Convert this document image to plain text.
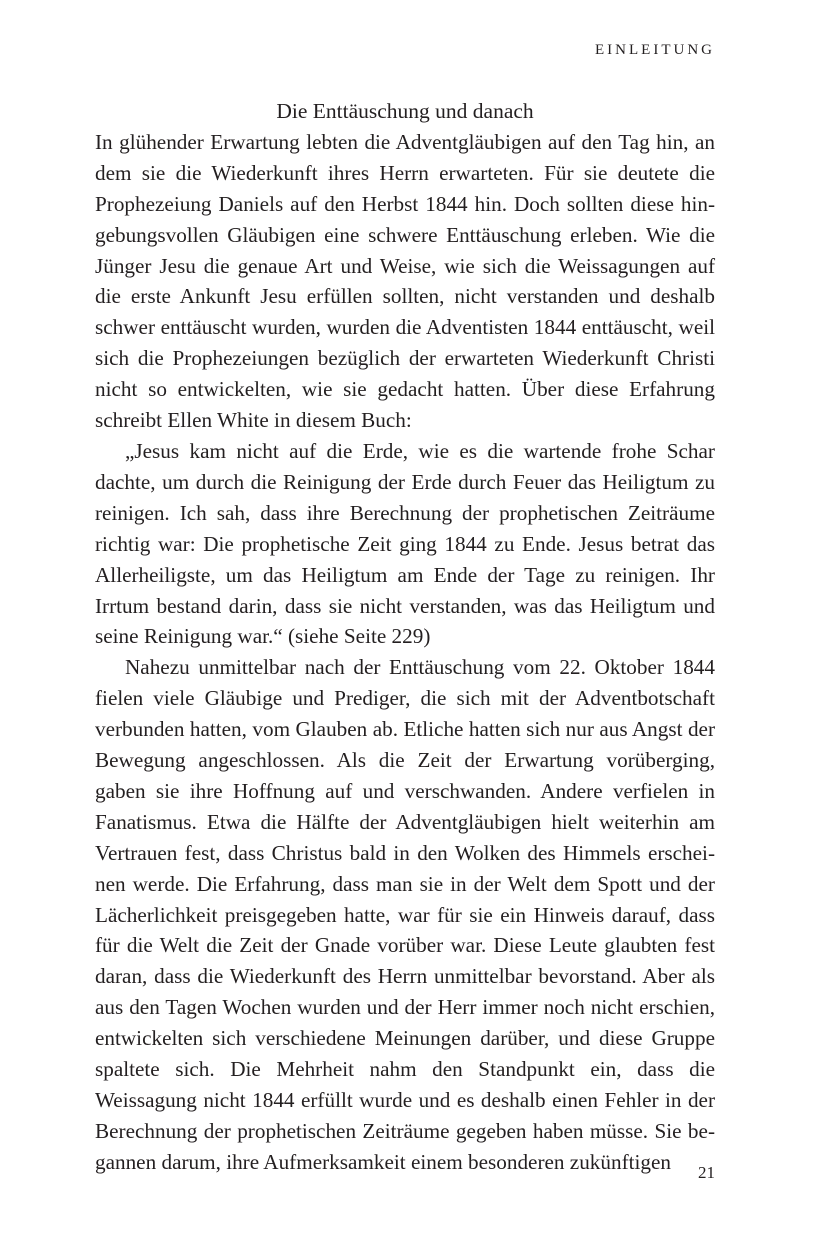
EINLEITUNG
Die Enttäuschung und danach

In glühender Erwartung lebten die Adventgläubigen auf den Tag hin, an dem sie die Wiederkunft ihres Herrn erwarteten. Für sie deutete die Prophezeiung Daniels auf den Herbst 1844 hin. Doch sollten diese hingebungsvollen Gläubigen eine schwere Enttäuschung erleben. Wie die Jünger Jesu die genaue Art und Weise, wie sich die Weissagungen auf die erste Ankunft Jesu erfüllen sollten, nicht verstanden und deshalb schwer enttäuscht wurden, wurden die Adventisten 1844 enttäuscht, weil sich die Prophezeiungen bezüglich der erwarteten Wiederkunft Christi nicht so entwickelten, wie sie gedacht hatten. Über diese Erfahrung schreibt Ellen White in diesem Buch:

„Jesus kam nicht auf die Erde, wie es die wartende frohe Schar dachte, um durch die Reinigung der Erde durch Feuer das Heiligtum zu reinigen. Ich sah, dass ihre Berechnung der prophetischen Zeiträume richtig war: Die prophetische Zeit ging 1844 zu Ende. Jesus betrat das Allerheiligste, um das Heiligtum am Ende der Tage zu reinigen. Ihr Irrtum bestand darin, dass sie nicht verstanden, was das Heiligtum und seine Reinigung war.“ (siehe Seite 229)

Nahezu unmittelbar nach der Enttäuschung vom 22. Oktober 1844 fielen viele Gläubige und Prediger, die sich mit der Adventbotschaft verbunden hatten, vom Glauben ab. Etliche hatten sich nur aus Angst der Bewegung angeschlossen. Als die Zeit der Erwartung vorüberging, gaben sie ihre Hoffnung auf und verschwanden. Andere verfielen in Fanatismus. Etwa die Hälfte der Adventgläubigen hielt weiterhin am Vertrauen fest, dass Christus bald in den Wolken des Himmels erscheinen werde. Die Erfahrung, dass man sie in der Welt dem Spott und der Lächerlichkeit preisgegeben hatte, war für sie ein Hinweis darauf, dass für die Welt die Zeit der Gnade vorüber war. Diese Leute glaubten fest daran, dass die Wiederkunft des Herrn unmittelbar bevorstand. Aber als aus den Tagen Wochen wurden und der Herr immer noch nicht erschien, entwickelten sich verschiedene Meinungen darüber, und diese Gruppe spaltete sich. Die Mehrheit nahm den Standpunkt ein, dass die Weissagung nicht 1844 erfüllt wurde und es deshalb einen Fehler in der Berechnung der prophetischen Zeiträume gegeben haben müsse. Sie begannen darum, ihre Aufmerksamkeit einem besonderen zukünftigen	21
